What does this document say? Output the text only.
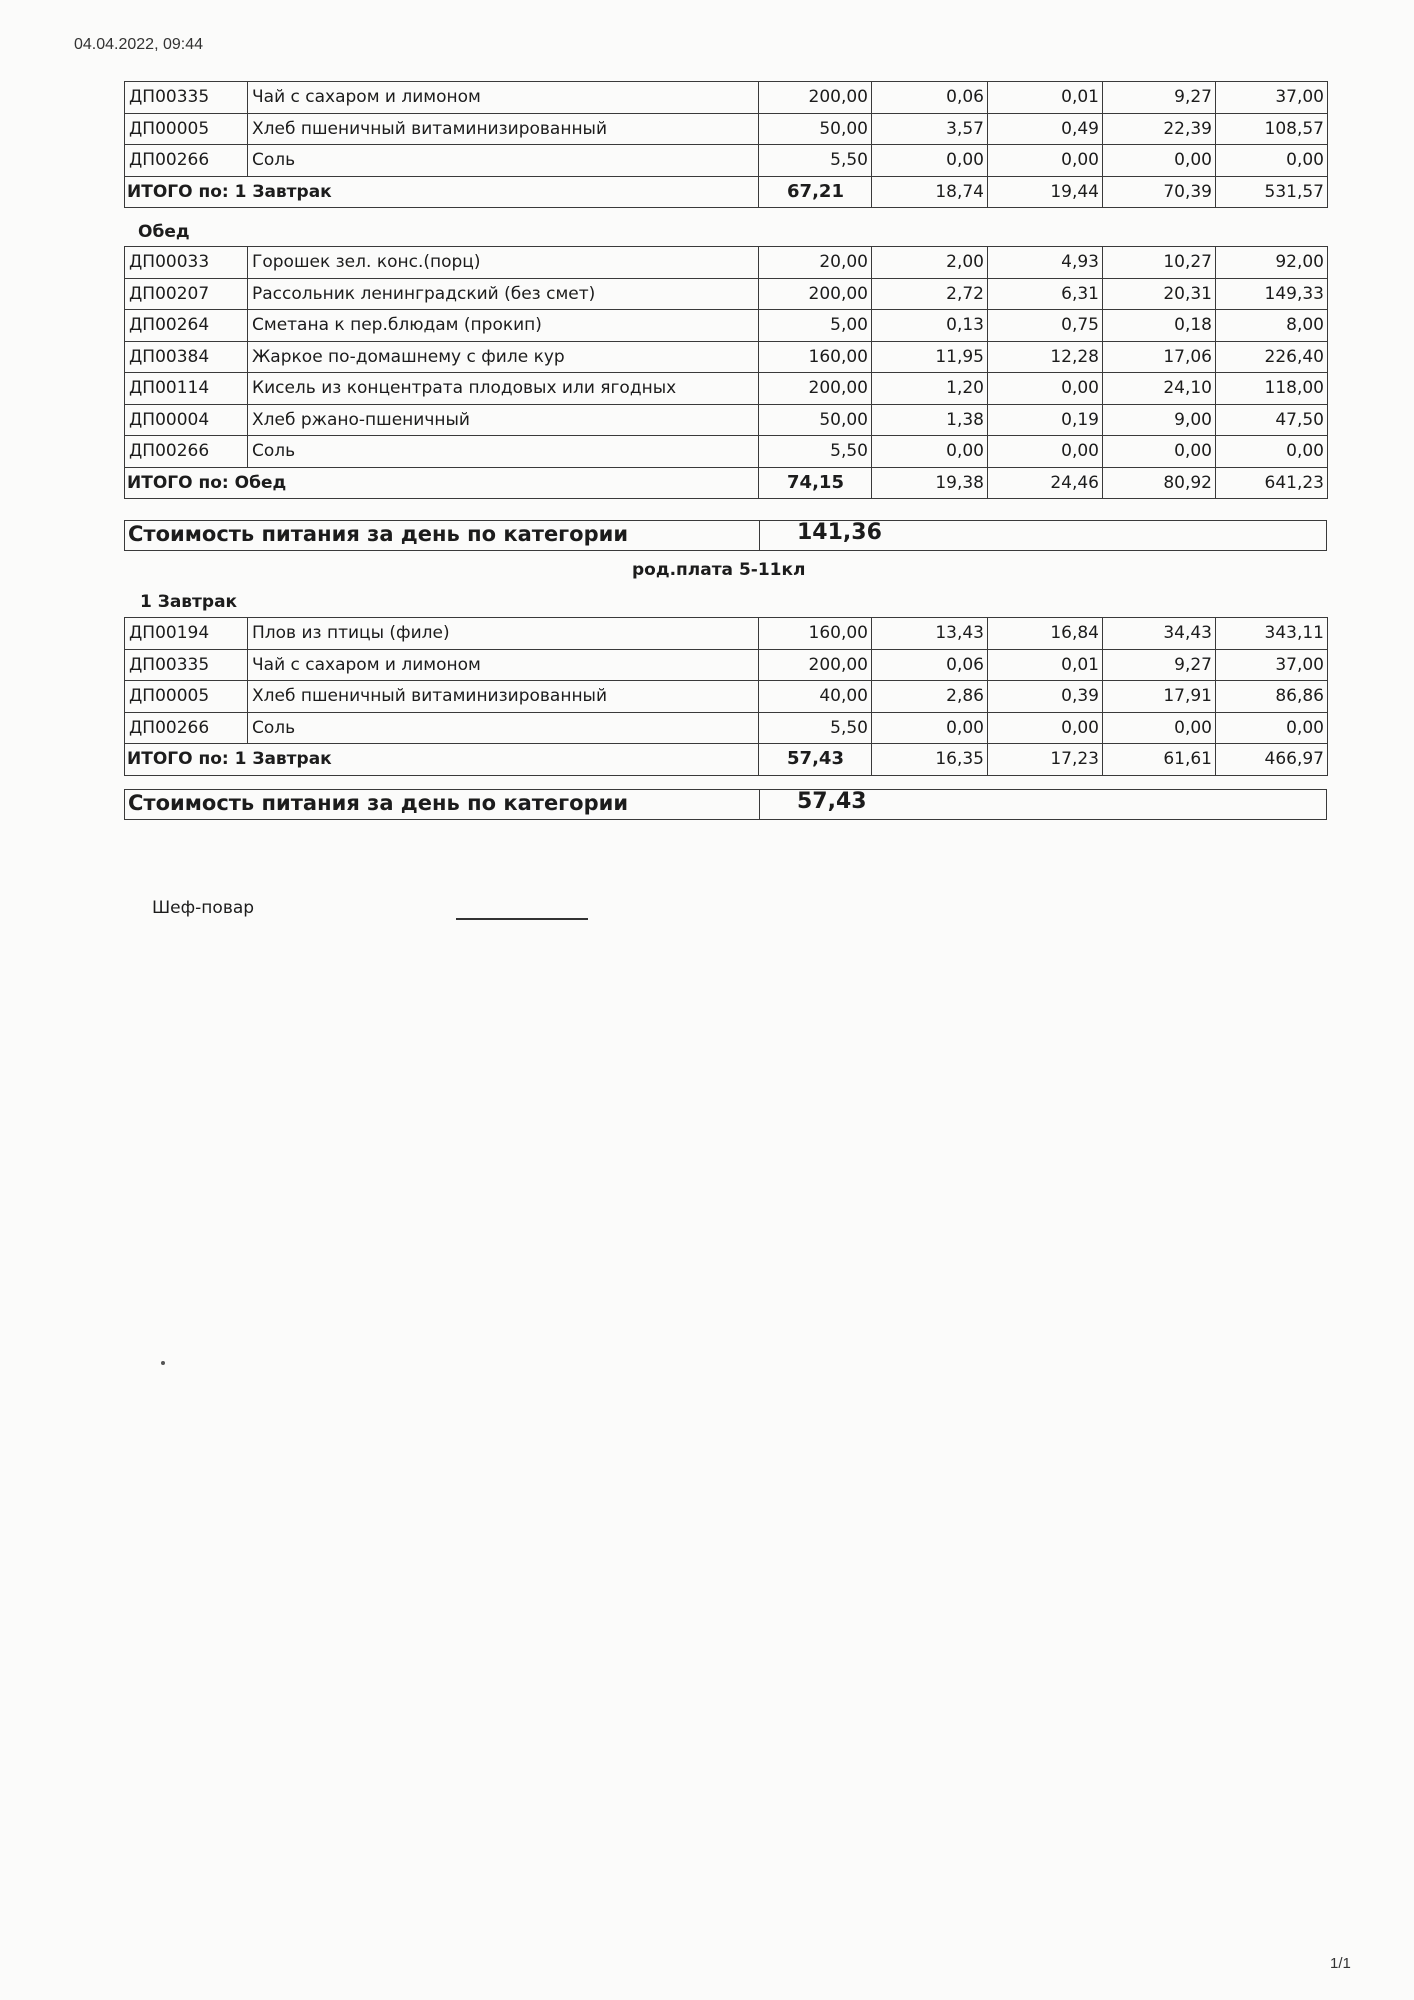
04.04.2022, 09:44
ДП00335	Чай с сахаром и лимоном	200,00	0,06	0,01	9,27	37,00
ДП00005	Хлеб пшеничный витаминизированный	50,00	3,57	0,49	22,39	108,57
ДП00266	Соль	5,50	0,00	0,00	0,00	0,00
ИТОГО по: 1 Завтрак		67,21	18,74	19,44	70,39	531,57
Обед
ДП00033	Горошек зел. конс.(порц)	20,00	2,00	4,93	10,27	92,00
ДП00207	Рассольник ленинградский (без смет)	200,00	2,72	6,31	20,31	149,33
ДП00264	Сметана к пер.блюдам (прокип)	5,00	0,13	0,75	0,18	8,00
ДП00384	Жаркое по-домашнему с филе кур	160,00	11,95	12,28	17,06	226,40
ДП00114	Кисель из концентрата плодовых или ягодных	200,00	1,20	0,00	24,10	118,00
ДП00004	Хлеб ржано-пшеничный	50,00	1,38	0,19	9,00	47,50
ДП00266	Соль	5,50	0,00	0,00	0,00	0,00
ИТОГО по: Обед		74,15	19,38	24,46	80,92	641,23
Стоимость питания за день по категории	141,36
род.плата 5-11кл
1 Завтрак
ДП00194	Плов из птицы (филе)	160,00	13,43	16,84	34,43	343,11
ДП00335	Чай с сахаром и лимоном	200,00	0,06	0,01	9,27	37,00
ДП00005	Хлеб пшеничный витаминизированный	40,00	2,86	0,39	17,91	86,86
ДП00266	Соль	5,50	0,00	0,00	0,00	0,00
ИТОГО по: 1 Завтрак		57,43	16,35	17,23	61,61	466,97
Стоимость питания за день по категории	57,43
Шеф-повар
1/1
